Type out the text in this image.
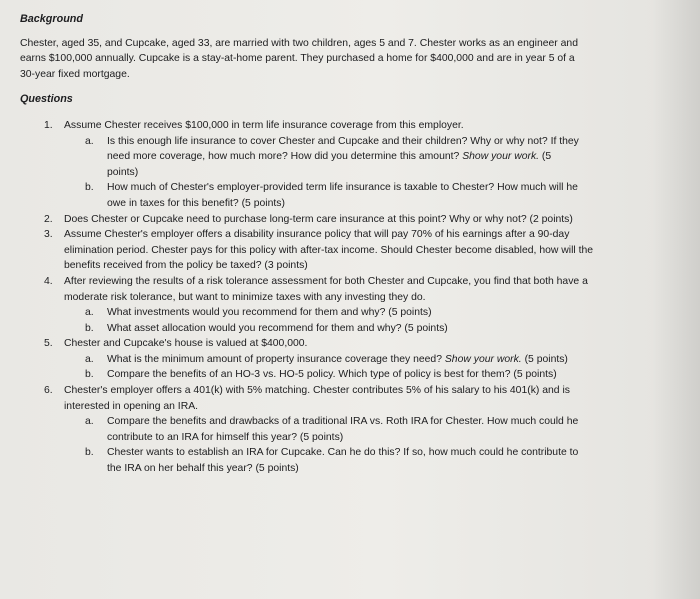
Background

Chester, aged 35, and Cupcake, aged 33, are married with two children, ages 5 and 7. Chester works as an engineer and earns $100,000 annually. Cupcake is a stay-at-home parent. They purchased a home for $400,000 and are in year 5 of a 30-year fixed mortgage.

Questions

1. Assume Chester receives $100,000 in term life insurance coverage from this employer.
a. Is this enough life insurance to cover Chester and Cupcake and their children? Why or why not? If they need more coverage, how much more? How did you determine this amount? Show your work. (5 points)
b. How much of Chester's employer-provided term life insurance is taxable to Chester? How much will he owe in taxes for this benefit? (5 points)
2. Does Chester or Cupcake need to purchase long-term care insurance at this point? Why or why not? (2 points)
3. Assume Chester's employer offers a disability insurance policy that will pay 70% of his earnings after a 90-day elimination period. Chester pays for this policy with after-tax income. Should Chester become disabled, how will the benefits received from the policy be taxed? (3 points)
4. After reviewing the results of a risk tolerance assessment for both Chester and Cupcake, you find that both have a moderate risk tolerance, but want to minimize taxes with any investing they do.
a. What investments would you recommend for them and why? (5 points)
b. What asset allocation would you recommend for them and why? (5 points)
5. Chester and Cupcake's house is valued at $400,000.
a. What is the minimum amount of property insurance coverage they need? Show your work. (5 points)
b. Compare the benefits of an HO-3 vs. HO-5 policy. Which type of policy is best for them? (5 points)
6. Chester's employer offers a 401(k) with 5% matching. Chester contributes 5% of his salary to his 401(k) and is interested in opening an IRA.
a. Compare the benefits and drawbacks of a traditional IRA vs. Roth IRA for Chester. How much could he contribute to an IRA for himself this year? (5 points)
b. Chester wants to establish an IRA for Cupcake. Can he do this? If so, how much could he contribute to the IRA on her behalf this year? (5 points)
